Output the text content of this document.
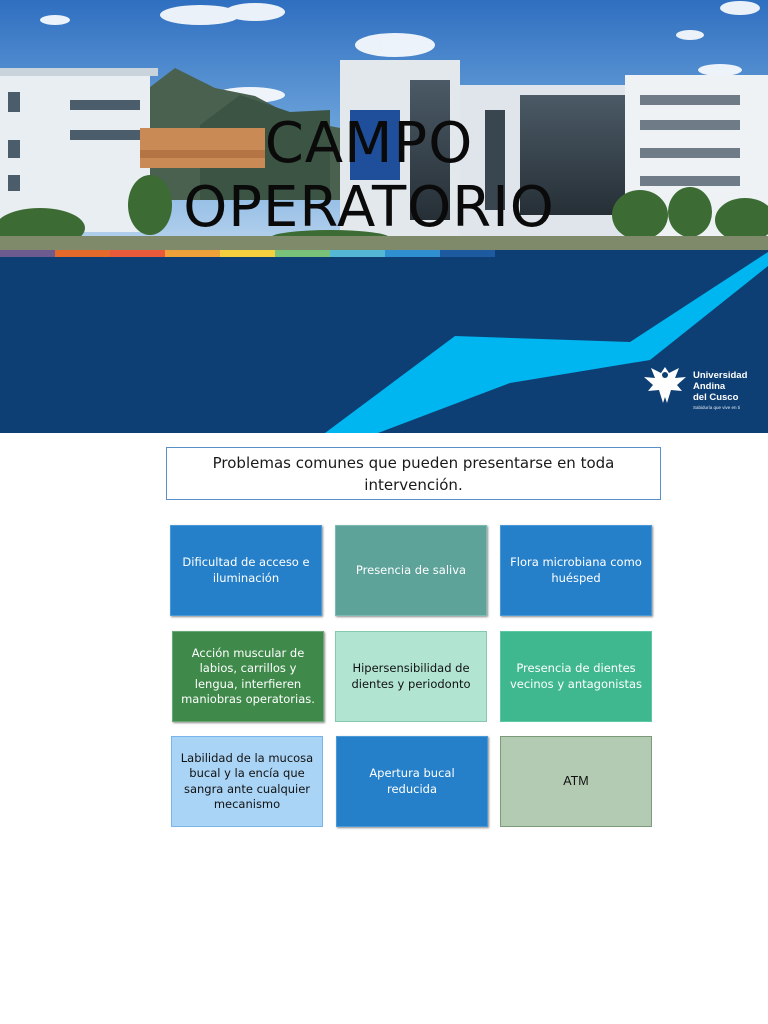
CAMPO
OPERATORIO
Universidad
Andina
del Cusco
Sabiduría que vive en ti
Problemas comunes que pueden presentarse en toda intervención.
Dificultad de acceso e iluminación
Presencia de saliva
Flora microbiana como huésped
Acción muscular de labios, carrillos y lengua, interfieren maniobras operatorias.
Hipersensibilidad de dientes y periodonto
Presencia de dientes vecinos y antagonistas
Labilidad de la mucosa bucal y la encía que sangra ante cualquier mecanismo
Apertura bucal reducida
ATM
